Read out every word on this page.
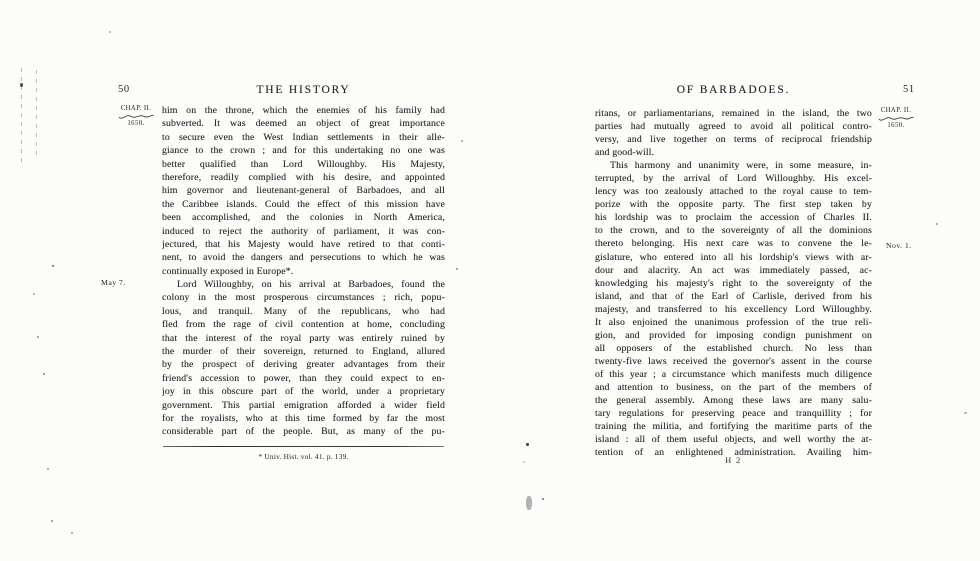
50	THE HISTORY
CHAP. II.
1650.
May 7.
him on the throne, which the enemies of his family had
subverted. It was deemed an object of great importance
to secure even the West Indian settlements in their alle-
giance to the crown ; and for this undertaking no one was
better qualified than Lord Willoughby. His Majesty,
therefore, readily complied with his desire, and appointed
him governor and lieutenant-general of Barbadoes, and all
the Caribbee islands. Could the effect of this mission have
been accomplished, and the colonies in North America,
induced to reject the authority of parliament, it was con-
jectured, that his Majesty would have retired to that conti-
nent, to avoid the dangers and persecutions to which he was
continually exposed in Europe*.
Lord Willoughby, on his arrival at Barbadoes, found the
colony in the most prosperous circumstances ; rich, popu-
lous, and tranquil. Many of the republicans, who had
fled from the rage of civil contention at home, concluding
that the interest of the royal party was entirely ruined by
the murder of their sovereign, returned to England, allured
by the prospect of deriving greater advantages from their
friend's accession to power, than they could expect to en-
joy in this obscure part of the world, under a proprietary
government. This partial emigration afforded a wider field
for the royalists, who at this time formed by far the most
considerable part of the people. But, as many of the pu-
* Univ. Hist. vol. 41. p. 139.
OF BARBADOES.	51
CHAP. II.
1650.
Nov. 1.
ritans, or parliamentarians, remained in the island, the two
parties had mutually agreed to avoid all political contro-
versy, and live together on terms of reciprocal friendship
and good-will.
This harmony and unanimity were, in some measure, in-
terrupted, by the arrival of Lord Willoughby. His excel-
lency was too zealously attached to the royal cause to tem-
porize with the opposite party. The first step taken by
his lordship was to proclaim the accession of Charles II.
to the crown, and to the sovereignty of all the dominions
thereto belonging. His next care was to convene the le-
gislature, who entered into all his lordship's views with ar-
dour and alacrity. An act was immediately passed, ac-
knowledging his majesty's right to the sovereignty of the
island, and that of the Earl of Carlisle, derived from his
majesty, and transferred to his excellency Lord Willoughby.
It also enjoined the unanimous profession of the true reli-
gion, and provided for imposing condign punishment on
all opposers of the established church. No less than
twenty-five laws received the governor's assent in the course
of this year ; a circumstance which manifests much diligence
and attention to business, on the part of the members of
the general assembly. Among these laws are many salu-
tary regulations for preserving peace and tranquillity ; for
training the militia, and fortifying the maritime parts of the
island : all of them useful objects, and well worthy the at-
tention of an enlightened administration. Availing him-
H 2
